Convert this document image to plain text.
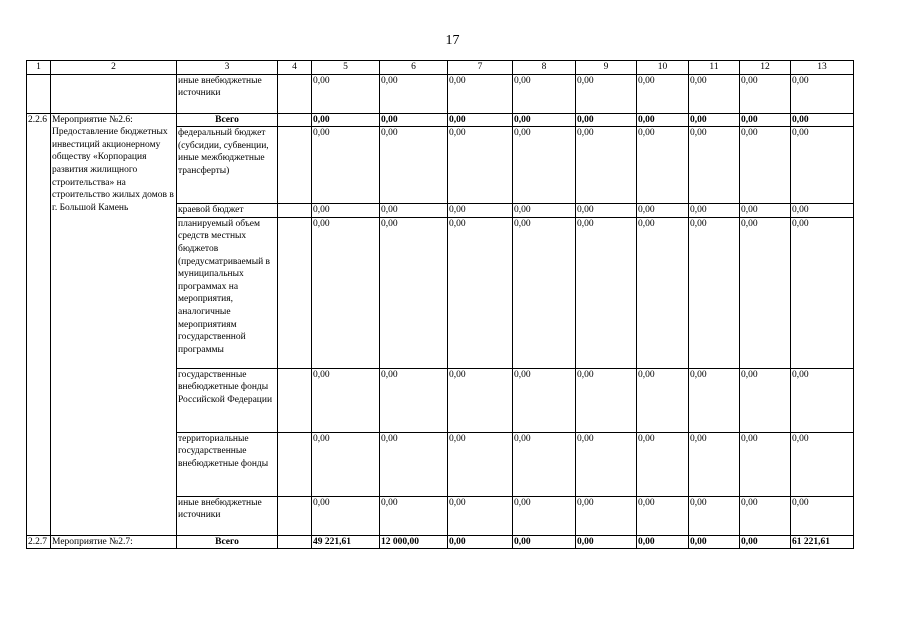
17
1	2	3	4	5	6	7	8	9	10	11	12	13
		иные внебюджетные источники		0,00	0,00	0,00	0,00	0,00	0,00	0,00	0,00	0,00
2.2.6	Мероприятие №2.6: Предоставление бюджетных инвестиций акционерному обществу «Корпорация развития жилищного строительства» на строительство жилых домов в г. Большой Камень	Всего		0,00	0,00	0,00	0,00	0,00	0,00	0,00	0,00	0,00
		федеральный бюджет (субсидии, субвенции, иные межбюджетные трансферты)		0,00	0,00	0,00	0,00	0,00	0,00	0,00	0,00	0,00
		краевой бюджет		0,00	0,00	0,00	0,00	0,00	0,00	0,00	0,00	0,00
		планируемый объем средств местных бюджетов (предусматриваемый в муниципальных программах на мероприятия, аналогичные мероприятиям государственной программы		0,00	0,00	0,00	0,00	0,00	0,00	0,00	0,00	0,00
		государственные внебюджетные фонды Российской Федерации		0,00	0,00	0,00	0,00	0,00	0,00	0,00	0,00	0,00
		территориальные государственные внебюджетные фонды		0,00	0,00	0,00	0,00	0,00	0,00	0,00	0,00	0,00
		иные внебюджетные источники		0,00	0,00	0,00	0,00	0,00	0,00	0,00	0,00	0,00
2.2.7	Мероприятие №2.7:	Всего		49 221,61	12 000,00	0,00	0,00	0,00	0,00	0,00	0,00	61 221,61
